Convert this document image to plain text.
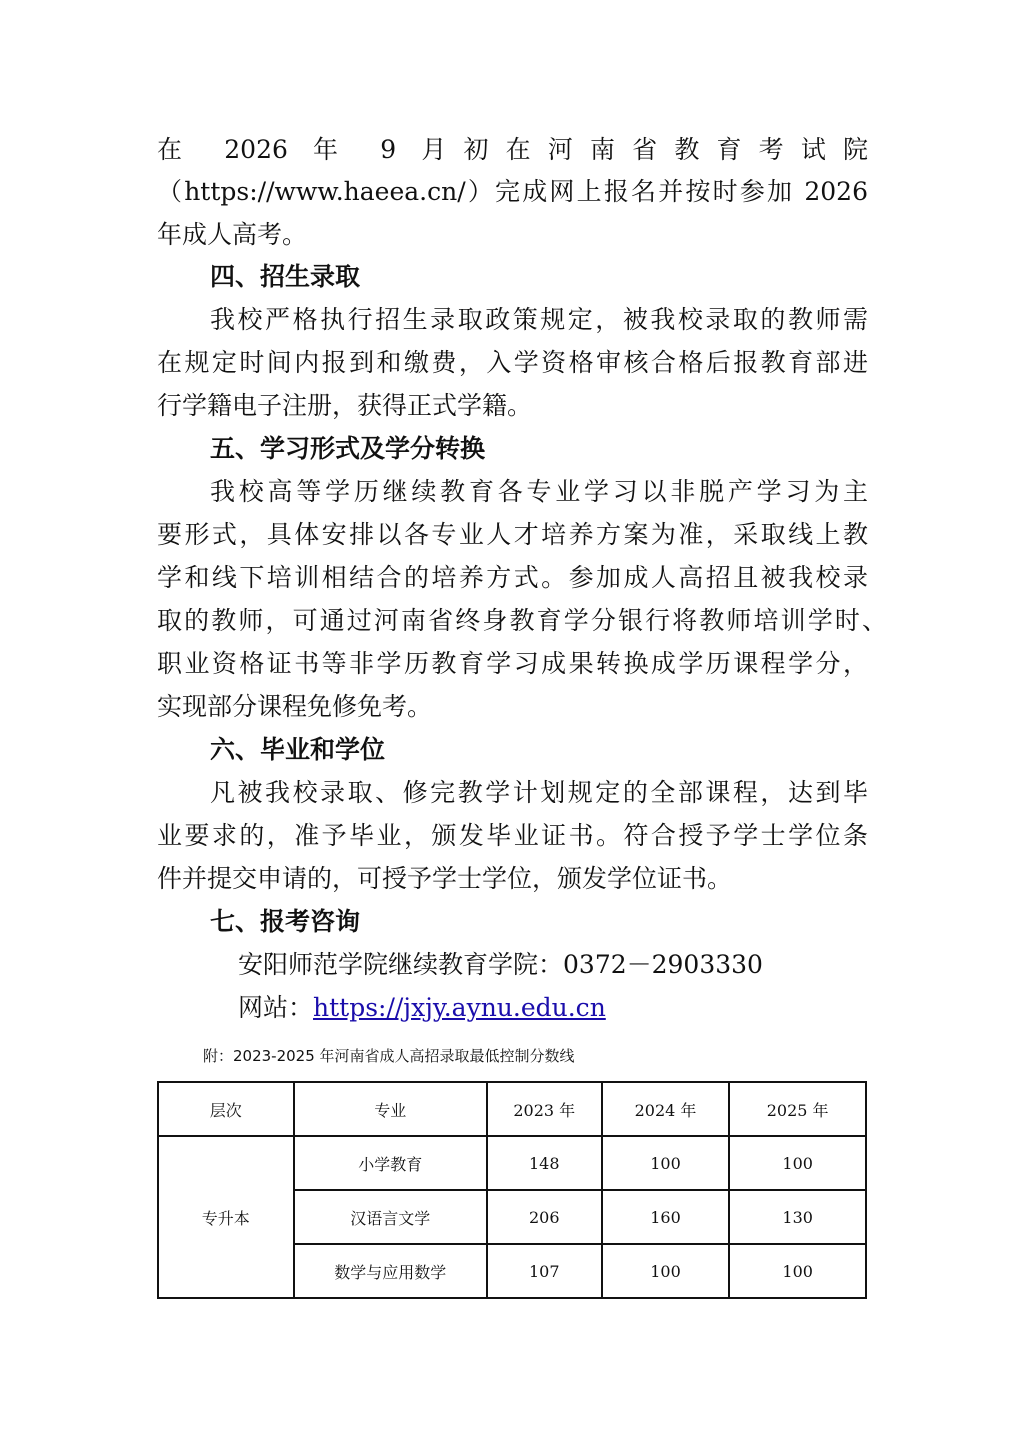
在 2026 年 9 月初在河南省教育考试院
（https://www.haeea.cn/）完成网上报名并按时参加 2026
年成人高考。
四、招生录取
我校严格执行招生录取政策规定，被我校录取的教师需
在规定时间内报到和缴费，入学资格审核合格后报教育部进
行学籍电子注册，获得正式学籍。
五、学习形式及学分转换
我校高等学历继续教育各专业学习以非脱产学习为主
要形式，具体安排以各专业人才培养方案为准，采取线上教
学和线下培训相结合的培养方式。参加成人高招且被我校录
取的教师，可通过河南省终身教育学分银行将教师培训学时、
职业资格证书等非学历教育学习成果转换成学历课程学分，
实现部分课程免修免考。
六、毕业和学位
凡被我校录取、修完教学计划规定的全部课程，达到毕
业要求的，准予毕业，颁发毕业证书。符合授予学士学位条
件并提交申请的，可授予学士学位，颁发学位证书。
七、报考咨询
安阳师范学院继续教育学院：0372－2903330
网站：https://jxjy.aynu.edu.cn
附：2023-2025 年河南省成人高招录取最低控制分数线
层次	专业	2023 年	2024 年	2025 年
专升本	小学教育	148	100	100
	汉语言文学	206	160	130
	数学与应用数学	107	100	100
